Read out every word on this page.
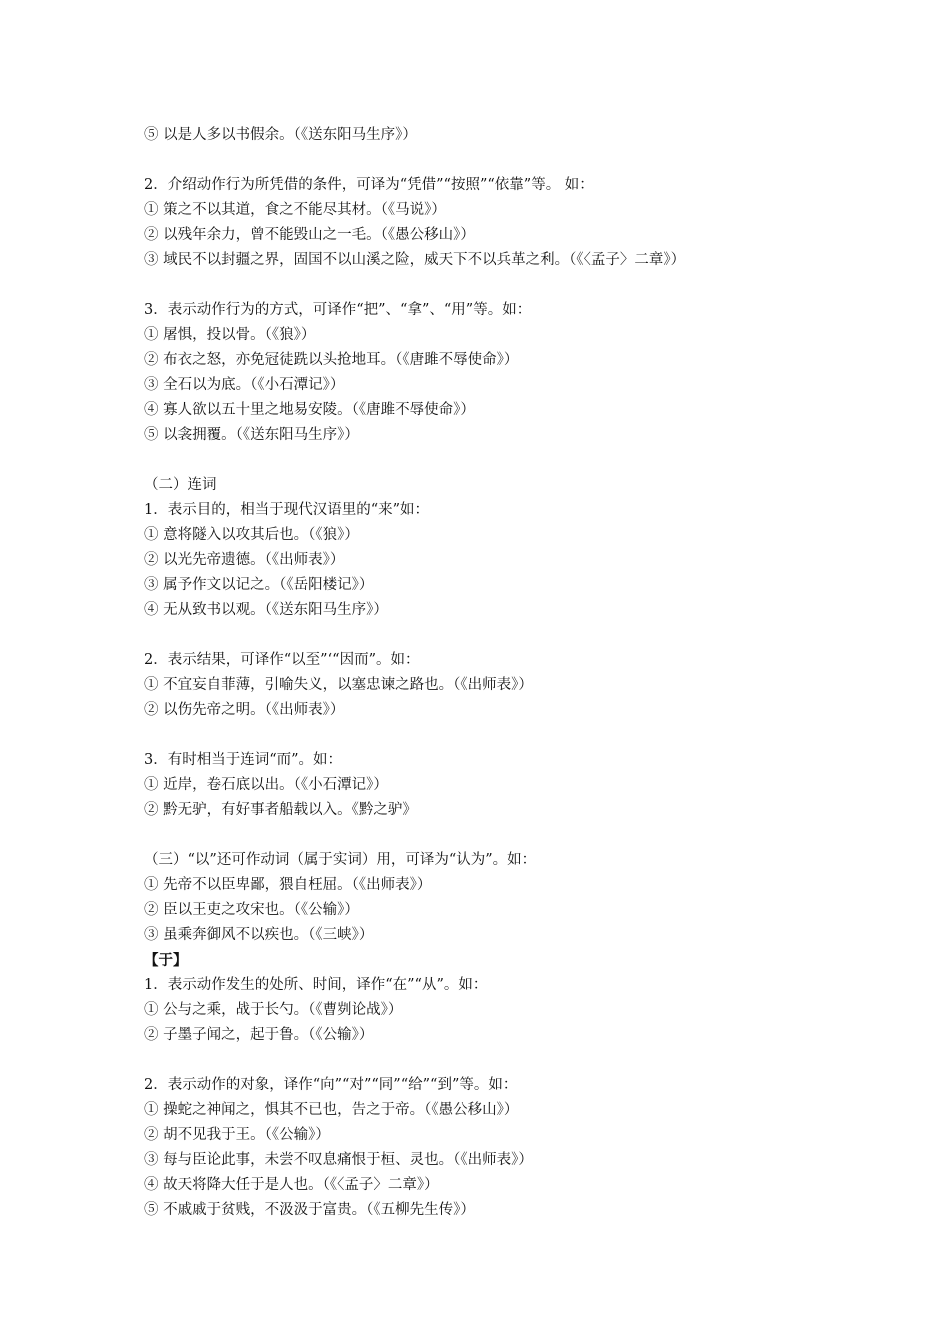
⑤ 以是人多以书假余。（《送东阳马生序》）
2．介绍动作行为所凭借的条件，可译为“凭借”“按照”“依靠”等。 如：
① 策之不以其道，食之不能尽其材。（《马说》）
② 以残年余力，曾不能毁山之一毛。（《愚公移山》）
③ 域民不以封疆之界，固国不以山溪之险，威天下不以兵革之利。（《〈孟子〉二章》）
3．表示动作行为的方式，可译作“把”、“拿”、“用”等。如：
① 屠惧，投以骨。（《狼》）
② 布衣之怒，亦免冠徒跣以头抢地耳。（《唐雎不辱使命》）
③ 全石以为底。（《小石潭记》）
④ 寡人欲以五十里之地易安陵。（《唐雎不辱使命》）
⑤ 以衾拥覆。（《送东阳马生序》）
（二）连词
1．表示目的，相当于现代汉语里的“来”如：
① 意将隧入以攻其后也。（《狼》）
② 以光先帝遗德。（《出师表》）
③ 属予作文以记之。（《岳阳楼记》）
④ 无从致书以观。（《送东阳马生序》）
2．表示结果，可译作“以至”‘“因而”。如：
① 不宜妄自菲薄，引喻失义，以塞忠谏之路也。（《出师表》）
② 以伤先帝之明。（《出师表》）
3．有时相当于连词“而”。如：
① 近岸，卷石底以出。（《小石潭记》）
② 黔无驴，有好事者船载以入。《黔之驴》
（三）“以”还可作动词（属于实词）用，可译为“认为”。如：
① 先帝不以臣卑鄙，猥自枉屈。（《出师表》）
② 臣以王吏之攻宋也。（《公输》）
③ 虽乘奔御风不以疾也。（《三峡》）
【于】
1．表示动作发生的处所、时间，译作“在”“从”。如：
① 公与之乘，战于长勺。（《曹刿论战》）
② 子墨子闻之，起于鲁。（《公输》）
2．表示动作的对象，译作“向”“对”“同”“给”“到”等。如：
① 操蛇之神闻之，惧其不已也，告之于帝。（《愚公移山》）
② 胡不见我于王。（《公输》）
③ 每与臣论此事，未尝不叹息痛恨于桓、灵也。（《出师表》）
④ 故天将降大任于是人也。（《〈孟子〉二章》）
⑤ 不戚戚于贫贱，不汲汲于富贵。（《五柳先生传》）
